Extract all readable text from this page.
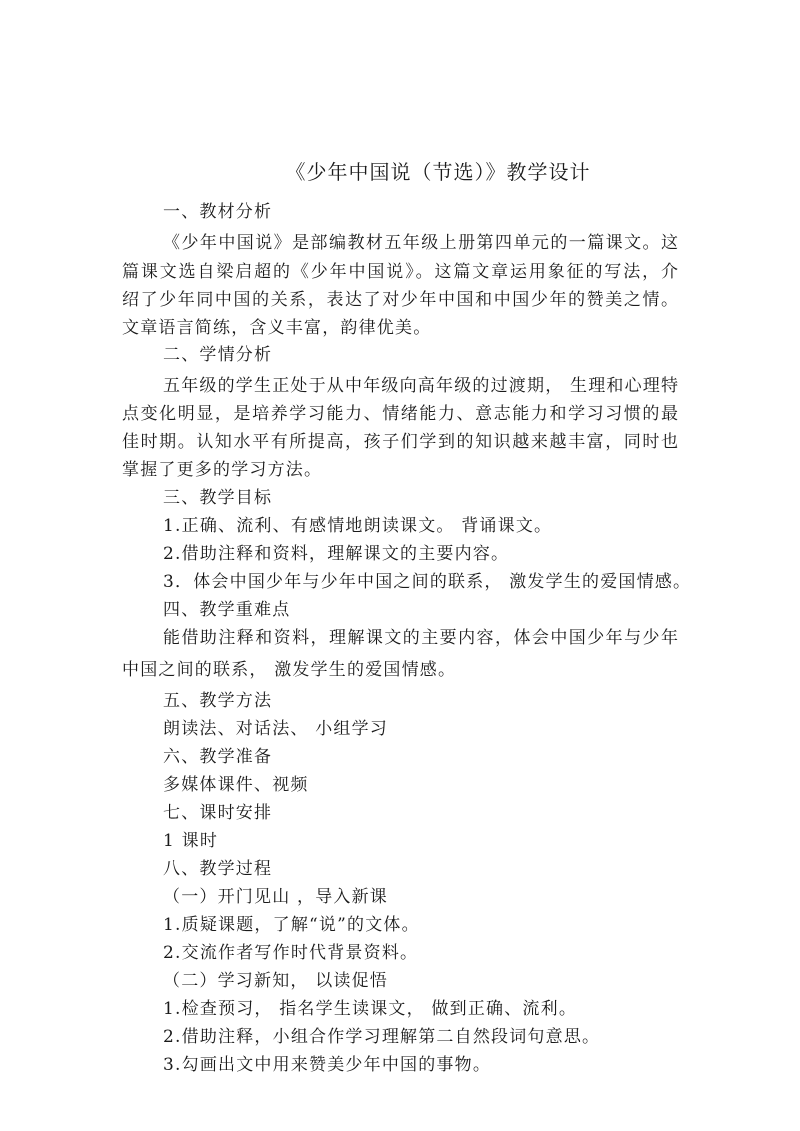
《少年中国说（节选）》教学设计
一、教材分析
《少年中国说》是部编教材五年级上册第四单元的一篇课文。这
篇课文选自梁启超的《少年中国说》。这篇文章运用象征的写法，介
绍了少年同中国的关系，表达了对少年中国和中国少年的赞美之情。
文章语言简练，含义丰富，韵律优美。
二、学情分析
五年级的学生正处于从中年级向高年级的过渡期， 生理和心理特
点变化明显，是培养学习能力、情绪能力、意志能力和学习习惯的最
佳时期。认知水平有所提高，孩子们学到的知识越来越丰富，同时也
掌握了更多的学习方法。
三、教学目标
1.正确、流利、有感情地朗读课文。 背诵课文。
2.借助注释和资料，理解课文的主要内容。
3．体会中国少年与少年中国之间的联系， 激发学生的爱国情感。
四、教学重难点
能借助注释和资料，理解课文的主要内容，体会中国少年与少年
中国之间的联系， 激发学生的爱国情感。
五、教学方法
朗读法、对话法、 小组学习
六、教学准备
多媒体课件、视频
七、课时安排
1 课时
八、教学过程
（一）开门见山 ，导入新课
1.质疑课题，了解“说”的文体。
2.交流作者写作时代背景资料。
（二）学习新知， 以读促悟
1.检查预习， 指名学生读课文， 做到正确、流利。
2.借助注释，小组合作学习理解第二自然段词句意思。
3.勾画出文中用来赞美少年中国的事物。
